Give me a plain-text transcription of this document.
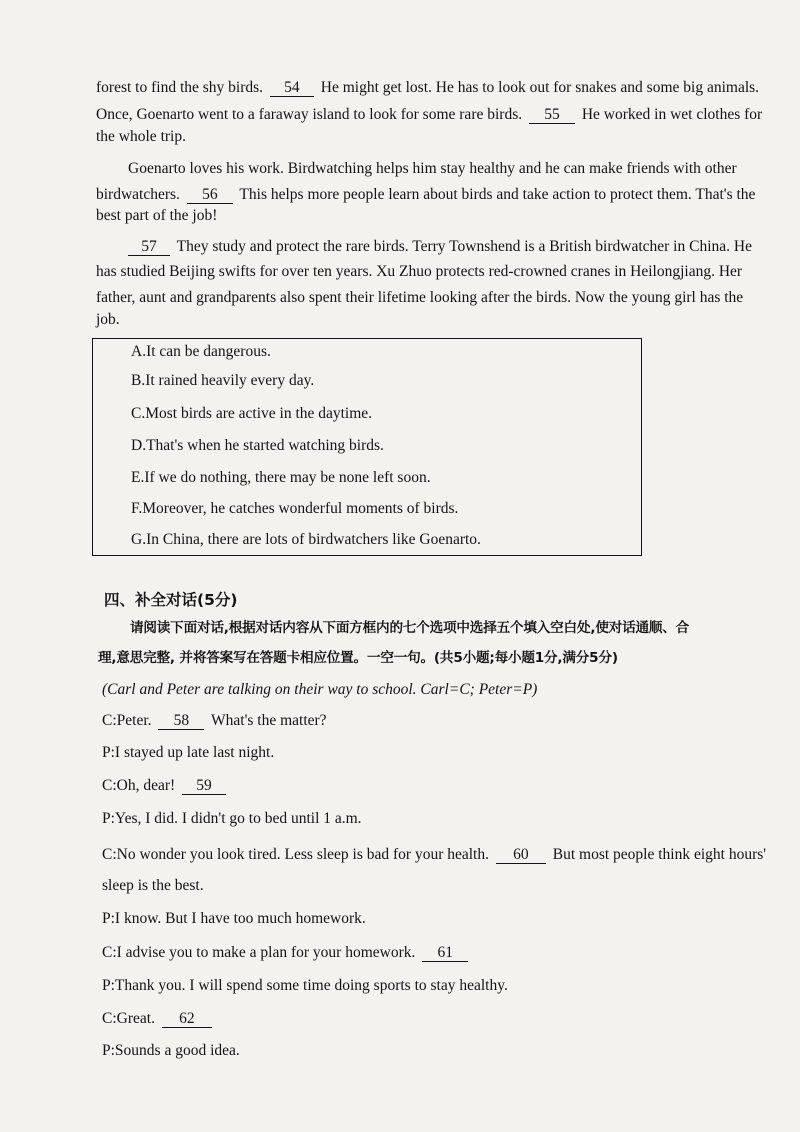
forest to find the shy birds. 54 He might get lost. He has to look out for snakes and some big animals.
Once, Goenarto went to a faraway island to look for some rare birds. 55 He worked in wet clothes for
the whole trip.
Goenarto loves his work. Birdwatching helps him stay healthy and he can make friends with other
birdwatchers. 56 This helps more people learn about birds and take action to protect them. That's the
best part of the job!
57 They study and protect the rare birds. Terry Townshend is a British birdwatcher in China. He
has studied Beijing swifts for over ten years. Xu Zhuo protects red-crowned cranes in Heilongjiang. Her
father, aunt and grandparents also spent their lifetime looking after the birds. Now the young girl has the
job.
A.It can be dangerous.
B.It rained heavily every day.
C.Most birds are active in the daytime.
D.That's when he started watching birds.
E.If we do nothing, there may be none left soon.
F.Moreover, he catches wonderful moments of birds.
G.In China, there are lots of birdwatchers like Goenarto.
四、补全对话(5分)
请阅读下面对话,根据对话内容从下面方框内的七个选项中选择五个填入空白处,使对话通顺、合
理,意思完整, 并将答案写在答题卡相应位置。一空一句。(共5小题;每小题1分,满分5分)
(Carl and Peter are talking on their way to school. Carl=C; Peter=P)
C:Peter. 58 What's the matter?
P:I stayed up late last night.
C:Oh, dear! 59
P:Yes, I did. I didn't go to bed until 1 a.m.
C:No wonder you look tired. Less sleep is bad for your health. 60 But most people think eight hours'
sleep is the best.
P:I know. But I have too much homework.
C:I advise you to make a plan for your homework. 61
P:Thank you. I will spend some time doing sports to stay healthy.
C:Great. 62
P:Sounds a good idea.
